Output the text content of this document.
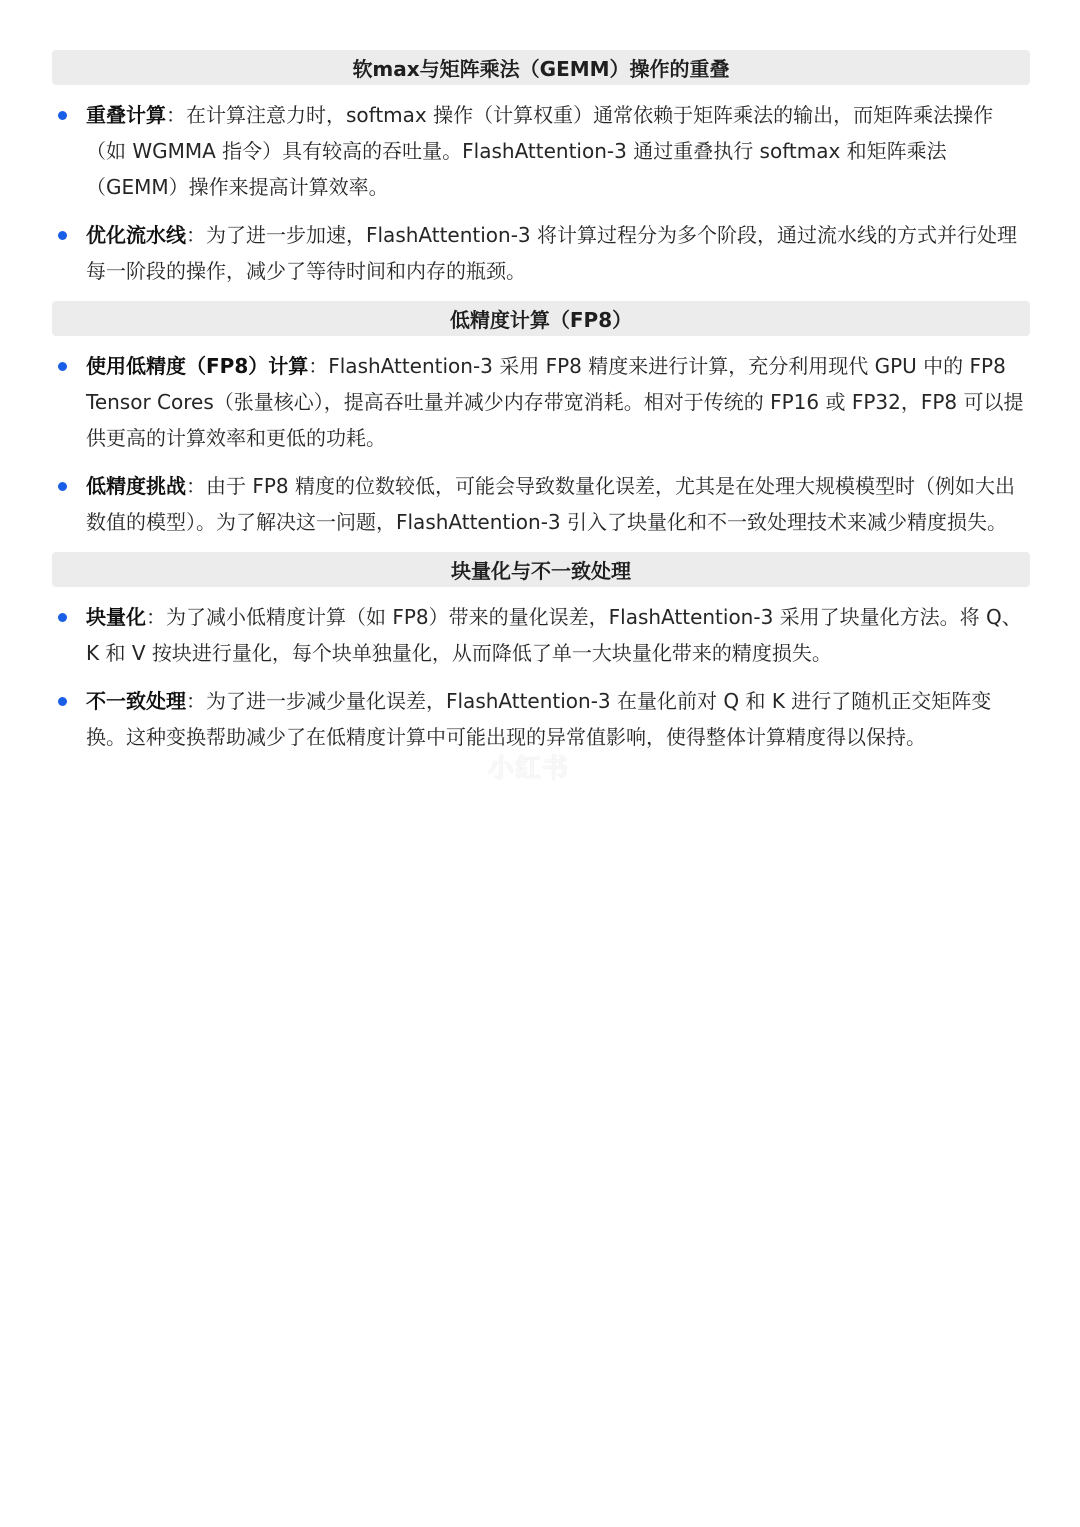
软max与矩阵乘法（GEMM）操作的重叠
重叠计算：在计算注意力时，softmax 操作（计算权重）通常依赖于矩阵乘法的输出，而矩阵乘法操作（如 WGMMA 指令）具有较高的吞吐量。FlashAttention-3 通过重叠执行 softmax 和矩阵乘法（GEMM）操作来提高计算效率。
优化流水线：为了进一步加速，FlashAttention-3 将计算过程分为多个阶段，通过流水线的方式并行处理每一阶段的操作，减少了等待时间和内存的瓶颈。
低精度计算（FP8）
使用低精度（FP8）计算：FlashAttention-3 采用 FP8 精度来进行计算，充分利用现代 GPU 中的 FP8 Tensor Cores（张量核心），提高吞吐量并减少内存带宽消耗。相对于传统的 FP16 或 FP32，FP8 可以提供更高的计算效率和更低的功耗。
低精度挑战：由于 FP8 精度的位数较低，可能会导致数量化误差，尤其是在处理大规模模型时（例如大出数值的模型）。为了解决这一问题，FlashAttention-3 引入了块量化和不一致处理技术来减少精度损失。
块量化与不一致处理
块量化：为了减小低精度计算（如 FP8）带来的量化误差，FlashAttention-3 采用了块量化方法。将 Q、K 和 V 按块进行量化，每个块单独量化，从而降低了单一大块量化带来的精度损失。
不一致处理：为了进一步减少量化误差，FlashAttention-3 在量化前对 Q 和 K 进行了随机正交矩阵变换。这种变换帮助减少了在低精度计算中可能出现的异常值影响，使得整体计算精度得以保持。
小红书
